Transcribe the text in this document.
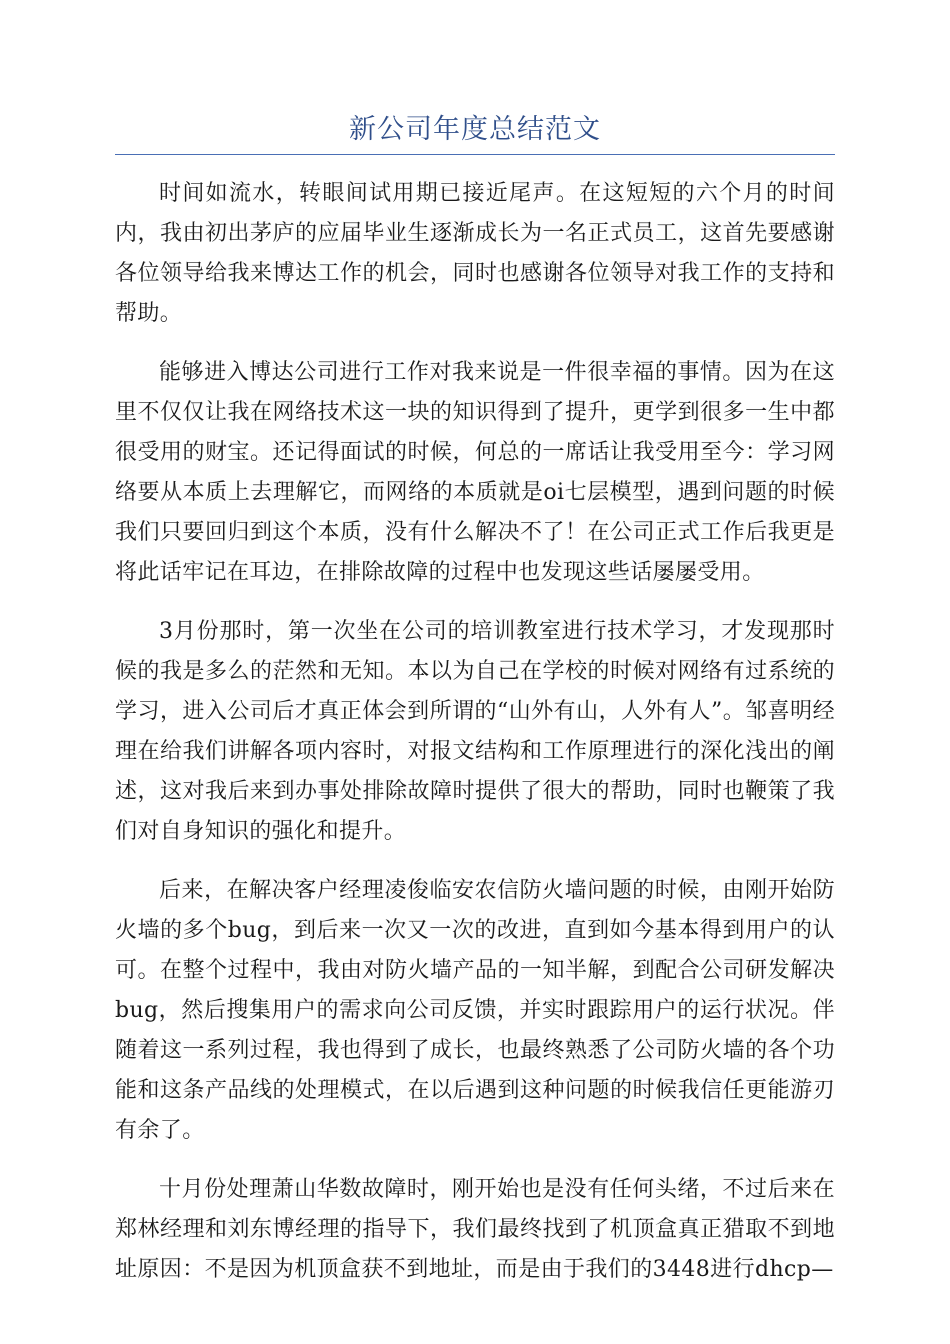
新公司年度总结范文

时间如流水，转眼间试用期已接近尾声。在这短短的六个月的时间内，我由初出茅庐的应届毕业生逐渐成长为一名正式员工，这首先要感谢各位领导给我来博达工作的机会，同时也感谢各位领导对我工作的支持和帮助。

能够进入博达公司进行工作对我来说是一件很幸福的事情。因为在这里不仅仅让我在网络技术这一块的知识得到了提升，更学到很多一生中都很受用的财宝。还记得面试的时候，何总的一席话让我受用至今：学习网络要从本质上去理解它，而网络的本质就是oi七层模型，遇到问题的时候我们只要回归到这个本质，没有什么解决不了！在公司正式工作后我更是将此话牢记在耳边，在排除故障的过程中也发现这些话屡屡受用。

3月份那时，第一次坐在公司的培训教室进行技术学习，才发现那时候的我是多么的茫然和无知。本以为自己在学校的时候对网络有过系统的学习，进入公司后才真正体会到所谓的“山外有山，人外有人”。邹喜明经理在给我们讲解各项内容时，对报文结构和工作原理进行的深化浅出的阐述，这对我后来到办事处排除故障时提供了很大的帮助，同时也鞭策了我们对自身知识的强化和提升。

后来，在解决客户经理凌俊临安农信防火墙问题的时候，由刚开始防火墙的多个bug，到后来一次又一次的改进，直到如今基本得到用户的认可。在整个过程中，我由对防火墙产品的一知半解，到配合公司研发解决bug，然后搜集用户的需求向公司反馈，并实时跟踪用户的运行状况。伴随着这一系列过程，我也得到了成长，也最终熟悉了公司防火墙的各个功能和这条产品线的处理模式，在以后遇到这种问题的时候我信任更能游刃有余了。

十月份处理萧山华数故障时，刚开始也是没有任何头绪，不过后来在郑林经理和刘东博经理的指导下，我们最终找到了机顶盒真正猎取不到地址原因：不是因为机顶盒获不到地址，而是由于我们的3448进行dhcp—
